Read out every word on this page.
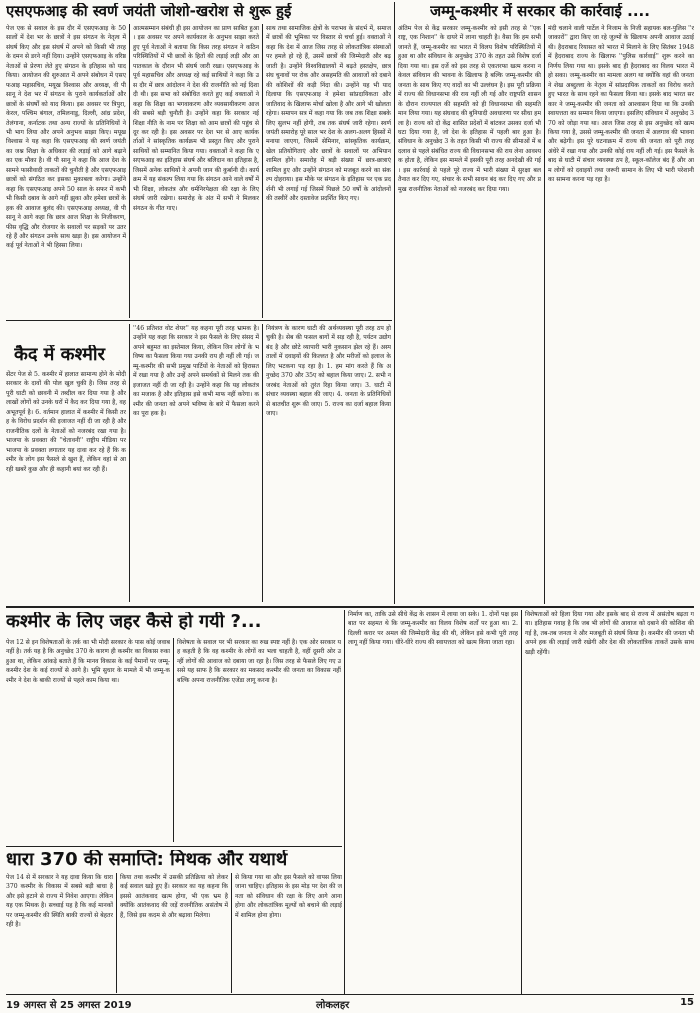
एसएफआइ की स्वर्ण जयंती जोशो-खरोश से शुरू हुई

पेज एक से सवाल के इस दौर में एसएफआइ के 50 सालों में देश भर के छात्रों ने इस संगठन के नेतृत्व में संघर्ष किए और इस संघर्ष में अपने को किसी भी तरह के दमन से डरने नहीं दिया। उन्होंने एसएफआइ के वरिष्ठ नेताओं से प्रेरणा लेते हुए संगठन के इतिहास को याद किया। आयोजन की शुरुआत में अपने संबोधन में एसएफआइ महासचिव, मयूख विश्वास और अध्यक्ष, वी पी सानू ने देश भर में संगठन के पुराने कार्यकर्ताओं और छात्रों के संघर्षों को याद किया। इस अवसर पर त्रिपुरा, केरल, पश्चिम बंगाल, तमिलनाडु, दिल्ली, आंध्र प्रदेश, तेलंगाना, कर्नाटक तथा अन्य राज्यों के प्रतिनिधियों ने भी भाग लिया और अपने अनुभव साझा किए। मयूख विश्वास ने यह कहा कि एसएफआइ की स्वर्ण जयंती का जश्न शिक्षा के अधिकार की लड़ाई को आगे बढ़ाने का एक मौका है। वी पी सानू ने कहा कि आज देश के सामने फासीवादी ताकतों की चुनौती है और एसएफआइ छात्रों को संगठित कर इसका मुकाबला करेगा। उन्होंने कहा कि एसएफआइ अपने 50 साल के सफर में कभी भी किसी दबाव के आगे नहीं झुका और हमेशा छात्रों के हक की आवाज बुलंद की। एसएफआइ अध्यक्ष, वी पी सानू ने आगे कहा कि छात्र आज शिक्षा के निजीकरण, फीस वृद्धि और रोजगार के सवालों पर सड़कों पर उतर रहे हैं और संगठन उनके साथ खड़ा है। इस आयोजन में कई पूर्व नेताओं ने भी हिस्सा लिया।

आत्मसम्मान संबंधी ही इस आयोजन का प्राण साबित हुआ। इस अवसर पर अपने कार्यकाल के अनुभव साझा करते हुए पूर्व नेताओं ने बताया कि किस तरह संगठन ने कठिन परिस्थितियों में भी छात्रों के हितों की लड़ाई लड़ी और आपातकाल के दौरान भी संघर्ष जारी रखा। एसएफआइ के पूर्व महासचिव और अध्यक्ष रहे कई साथियों ने कहा कि उस दौर में छात्र आंदोलन ने देश की राजनीति को नई दिशा दी थी। इस सभा को संबोधित करते हुए कई वक्ताओं ने कहा कि शिक्षा का भगवाकरण और व्यवसायीकरण आज की सबसे बड़ी चुनौती है। उन्होंने कहा कि सरकार नई शिक्षा नीति के नाम पर शिक्षा को आम छात्रों की पहुंच से दूर कर रही है। इस अवसर पर देश भर से आए कार्यकर्ताओं ने सांस्कृतिक कार्यक्रम भी प्रस्तुत किए और पुराने साथियों को सम्मानित किया गया। वक्ताओं ने कहा कि एसएफआइ का इतिहास संघर्ष और बलिदान का इतिहास है, जिसमें अनेक साथियों ने अपनी जान की कुर्बानी दी। कार्यक्रम में यह संकल्प लिया गया कि संगठन आने वाले वर्षों में भी शिक्षा, लोकतंत्र और धर्मनिरपेक्षता की रक्षा के लिए संघर्ष जारी रखेगा। समारोह के अंत में सभी ने मिलकर संगठन के गीत गाए।

साथ तथा सामाजिक क्षेत्रों के पराभव के संदर्भ में, समाज में छात्रों की भूमिका पर विस्तार से चर्चा हुई। वक्ताओं ने कहा कि देश में आज जिस तरह से लोकतांत्रिक संस्थाओं पर हमले हो रहे हैं, उसमें छात्रों की जिम्मेदारी और बढ़ जाती है। उन्होंने विश्वविद्यालयों में बढ़ते हस्तक्षेप, छात्र संघ चुनावों पर रोक और असहमति की आवाजों को दबाने की कोशिशों की कड़ी निंदा की। उन्होंने यह भी याद दिलाया कि एसएफआइ ने हमेशा सांप्रदायिकता और जातिवाद के खिलाफ मोर्चा खोला है और आगे भी खोलता रहेगा। समापन सत्र में कहा गया कि जब तक शिक्षा सबके लिए सुलभ नहीं होगी, तब तक संघर्ष जारी रहेगा। स्वर्ण जयंती समारोह पूरे साल भर देश के अलग-अलग हिस्सों में मनाया जाएगा, जिसमें सेमिनार, सांस्कृतिक कार्यक्रम, खेल प्रतियोगिताएं और छात्रों के सवालों पर अभियान शामिल होंगे। समारोह में बड़ी संख्या में छात्र-छात्राएं शामिल हुए और उन्होंने संगठन को मजबूत करने का संकल्प दोहराया। इस मौके पर संगठन के इतिहास पर एक प्रदर्शनी भी लगाई गई जिसमें पिछले 50 वर्षों के आंदोलनों की तस्वीरें और दस्तावेज प्रदर्शित किए गए।

जम्मू-कश्मीर में सरकार की कार्रवाई ....

अंतिम पेज से केंद्र सरकार जम्मू-कश्मीर को इसी तरह से ''एक राष्ट्र, एक निशान'' के दायरे में लाना चाहती है। वैसा कि हम सभी जानते हैं, जम्मू-कश्मीर का भारत में विलय विशेष परिस्थितियों में हुआ था और संविधान के अनुच्छेद 370 के तहत उसे विशेष दर्जा दिया गया था। इस दर्जे को इस तरह से एकतरफा खत्म करना न केवल संविधान की भावना के खिलाफ है बल्कि जम्मू-कश्मीर की जनता के साथ किए गए वादों का भी उल्लंघन है। इस पूरी प्रक्रिया में राज्य की विधानसभा की राय नहीं ली गई और राष्ट्रपति शासन के दौरान राज्यपाल की सहमति को ही विधानसभा की सहमति मान लिया गया। यह संघवाद की बुनियादी अवधारणा पर सीधा हमला है। राज्य को दो केंद्र शासित प्रदेशों में बांटकर उसका दर्जा भी घटा दिया गया है, जो देश के इतिहास में पहली बार हुआ है। संविधान के अनुच्छेद 3 के तहत किसी भी राज्य की सीमाओं में बदलाव से पहले संबंधित राज्य की विधानसभा की राय लेना आवश्यक होता है, लेकिन इस मामले में इसकी पूरी तरह अनदेखी की गई। इस कार्रवाई से पहले पूरे राज्य में भारी संख्या में सुरक्षा बल तैनात कर दिए गए, संचार के सभी साधन बंद कर दिए गए और प्रमुख राजनीतिक नेताओं को नजरबंद कर दिया गया।

मंदी चलाने वाली पार्टेल ने निजाम के निजी सहायक बल-पुलिस ''रजाकारों'' द्वारा किए जा रहे जुल्मों के खिलाफ अपनी आवाज उठाई थी। हैदराबाद रियासत को भारत में मिलाने के लिए सितंबर 1948 में हैदराबाद राज्य के खिलाफ ''पुलिस कार्रवाई'' शुरू करने का निर्णय लिया गया था। इसके बाद ही हैदराबाद का विलय भारत में हो सका। जम्मू-कश्मीर का मामला अलग था क्योंकि वहां की जनता ने शेख अब्दुल्ला के नेतृत्व में सांप्रदायिक ताकतों का विरोध करते हुए भारत के साथ रहने का फैसला किया था। इसके बाद भारत सरकार ने जम्मू-कश्मीर की जनता को आश्वासन दिया था कि उनकी स्वायत्तता का सम्मान किया जाएगा। इसलिए संविधान में अनुच्छेद 370 को जोड़ा गया था। आज जिस तरह से इस अनुच्छेद को खत्म किया गया है, उससे जम्मू-कश्मीर की जनता में अलगाव की भावना और बढ़ेगी। इस पूरे घटनाक्रम में राज्य की जनता को पूरी तरह अंधेरे में रखा गया और उनकी कोई राय नहीं ली गई। इस फैसले के बाद से घाटी में संचार व्यवस्था ठप है, स्कूल-कॉलेज बंद हैं और आम लोगों को दवाइयों तथा जरूरी सामान के लिए भी भारी परेशानी का सामना करना पड़ रहा है।

कैद में कश्मीर

सेंटर पेज से 5. कश्मीर में हालात सामान्य होने के मोदी सरकार के दावों की पोल खुल चुकी है। जिस तरह से पूरी घाटी को छावनी में तब्दील कर दिया गया है और लाखों लोगों को उनके घरों में कैद कर दिया गया है, वह अभूतपूर्व है। 6. वर्तमान हालात में कश्मीर में किसी तरह के विरोध प्रदर्शन की इजाजत नहीं दी जा रही है और राजनीतिक दलों के नेताओं को नजरबंद रखा गया है। भाजपा के प्रवक्ता की ''चेतावनी'' राष्ट्रीय मीडिया पर भाजपा के प्रवक्ता लगातार यह दावा कर रहे हैं कि कश्मीर के लोग इस फैसले से खुश हैं, लेकिन वहां से आ रही खबरें कुछ और ही कहानी बयां कर रही हैं।

''46 प्रतिशत वोट शेयर'' यह कहना पूरी तरह भ्रामक है। उन्होंने यह कहा कि सरकार ने इस फैसले के लिए संसद में अपने बहुमत का इस्तेमाल किया, लेकिन जिन लोगों के भविष्य का फैसला किया गया उनकी राय ही नहीं ली गई। जम्मू-कश्मीर की सभी प्रमुख पार्टियों के नेताओं को हिरासत में रखा गया है और उन्हें अपने समर्थकों से मिलने तक की इजाजत नहीं दी जा रही है। उन्होंने कहा कि यह लोकतंत्र का मजाक है और इतिहास इसे कभी माफ नहीं करेगा। कश्मीर की जनता को अपने भविष्य के बारे में फैसला करने का पूरा हक है।

नियंत्रण के कारण घाटी की अर्थव्यवस्था पूरी तरह ठप हो चुकी है। सेब की फसल बागों में सड़ रही है, पर्यटन उद्योग बंद है और छोटे व्यापारी भारी नुकसान झेल रहे हैं। अस्पतालों में दवाइयों की किल्लत है और मरीजों को इलाज के लिए भटकना पड़ रहा है। 1. हम मांग करते हैं कि अनुच्छेद 370 और 35ए को बहाल किया जाए। 2. सभी नजरबंद नेताओं को तुरंत रिहा किया जाए। 3. घाटी में संचार व्यवस्था बहाल की जाए। 4. जनता के प्रतिनिधियों से बातचीत शुरू की जाए। 5. राज्य का दर्जा बहाल किया जाए।

कश्मीर के लिए जहर कैसे हो गयी ?...

पेज 12 से इन विशेषताओं के तर्क का भी मोदी सरकार के पास कोई जवाब नहीं है। तर्क यह है कि अनुच्छेद 370 के कारण ही कश्मीर का विकास रुका हुआ था, लेकिन आंकड़े बताते हैं कि मानव विकास के कई पैमानों पर जम्मू-कश्मीर देश के कई राज्यों से आगे है। भूमि सुधार के मामले में भी जम्मू-कश्मीर ने देश के बाकी राज्यों से पहले काम किया था।

विशेषता के सवाल पर भी सरकार का रुख स्पष्ट नहीं है। एक ओर सरकार यह कहती है कि वह कश्मीर के लोगों का भला चाहती है, वहीं दूसरी ओर उन्हीं लोगों की आवाज को दबाया जा रहा है। जिस तरह से फैसले लिए गए उससे यह साफ है कि सरकार का मकसद कश्मीर की जनता का विकास नहीं बल्कि अपना राजनीतिक एजेंडा लागू करना है।

निर्माण का, ताकि उसे सीधे केंद्र के शासन में लाया जा सके। 1. दोनों पक्ष इस बात पर सहमत थे कि जम्मू-कश्मीर का विलय विशेष शर्तों पर हुआ था। 2. दिल्ली करार पर अमल की जिम्मेदारी केंद्र की थी, लेकिन इसे कभी पूरी तरह लागू नहीं किया गया। धीरे-धीरे राज्य की स्वायत्तता को खत्म किया जाता रहा।

विशेषताओं को हिला दिया गया और इसके बाद से राज्य में असंतोष बढ़ता गया। इतिहास गवाह है कि जब भी लोगों की आवाज को दबाने की कोशिश की गई है, तब-तब जनता ने और मजबूती से संघर्ष किया है। कश्मीर की जनता भी अपने हक की लड़ाई जारी रखेगी और देश की लोकतांत्रिक ताकतें उसके साथ खड़ी रहेंगी।

धारा 370 की समाप्ति: मिथक और यथार्थ

पेज 14 से में सरकार ने यह दावा किया कि धारा 370 कश्मीर के विकास में सबसे बड़ी बाधा है और इसे हटाने से राज्य में निवेश आएगा। लेकिन यह एक मिथक है। सच्चाई यह है कि कई मानकों पर जम्मू-कश्मीर की स्थिति बाकी राज्यों से बेहतर रही है।

किया तथा कश्मीर में उसकी प्रतिक्रिया को लेकर कई सवाल खड़े हुए हैं। सरकार का यह कहना कि इससे आतंकवाद खत्म होगा, भी एक भ्रम है क्योंकि आतंकवाद की जड़ें राजनीतिक असंतोष में हैं, जिसे इस कदम से और बढ़ावा मिलेगा।

से किया गया था और इस फैसले को वापस लिया जाना चाहिए। इतिहास के इस मोड़ पर देश की जनता को संविधान की रक्षा के लिए आगे आना होगा और लोकतांत्रिक मूल्यों को बचाने की लड़ाई में शामिल होना होगा।

19 अगस्त से 25 अगस्त 2019	लोकलहर	15
